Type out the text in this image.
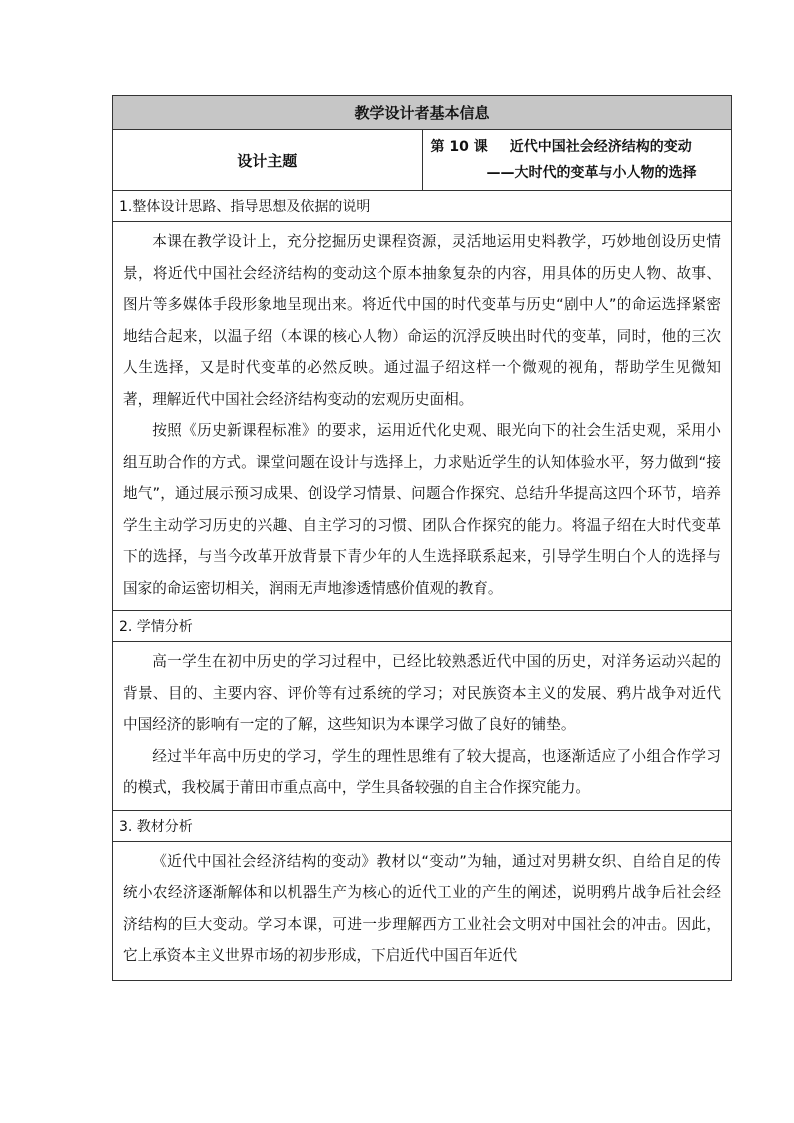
教学设计者基本信息
设计主题	
第 10 课 近代中国社会经济结构的变动
——大时代的变革与小人物的选择

1.整体设计思路、指导思想及依据的说明

本课在教学设计上，充分挖掘历史课程资源，灵活地运用史料教学，巧妙地创设历史情景，将近代中国社会经济结构的变动这个原本抽象复杂的内容，用具体的历史人物、故事、图片等多媒体手段形象地呈现出来。将近代中国的时代变革与历史“剧中人”的命运选择紧密地结合起来，以温子绍（本课的核心人物）命运的沉浮反映出时代的变革，同时，他的三次人生选择，又是时代变革的必然反映。通过温子绍这样一个微观的视角，帮助学生见微知著，理解近代中国社会经济结构变动的宏观历史面相。

按照《历史新课程标准》的要求，运用近代化史观、眼光向下的社会生活史观，采用小组互助合作的方式。课堂问题在设计与选择上，力求贴近学生的认知体验水平，努力做到“接地气”，通过展示预习成果、创设学习情景、问题合作探究、总结升华提高这四个环节，培养学生主动学习历史的兴趣、自主学习的习惯、团队合作探究的能力。将温子绍在大时代变革下的选择，与当今改革开放背景下青少年的人生选择联系起来，引导学生明白个人的选择与国家的命运密切相关，润雨无声地渗透情感价值观的教育。

2. 学情分析

高一学生在初中历史的学习过程中，已经比较熟悉近代中国的历史，对洋务运动兴起的背景、目的、主要内容、评价等有过系统的学习；对民族资本主义的发展、鸦片战争对近代中国经济的影响有一定的了解，这些知识为本课学习做了良好的铺垫。

经过半年高中历史的学习，学生的理性思维有了较大提高，也逐渐适应了小组合作学习的模式，我校属于莆田市重点高中，学生具备较强的自主合作探究能力。

3. 教材分析

《近代中国社会经济结构的变动》教材以“变动”为轴，通过对男耕女织、自给自足的传统小农经济逐渐解体和以机器生产为核心的近代工业的产生的阐述，说明鸦片战争后社会经济结构的巨大变动。学习本课，可进一步理解西方工业社会文明对中国社会的冲击。因此，它上承资本主义世界市场的初步形成，下启近代中国百年近代
